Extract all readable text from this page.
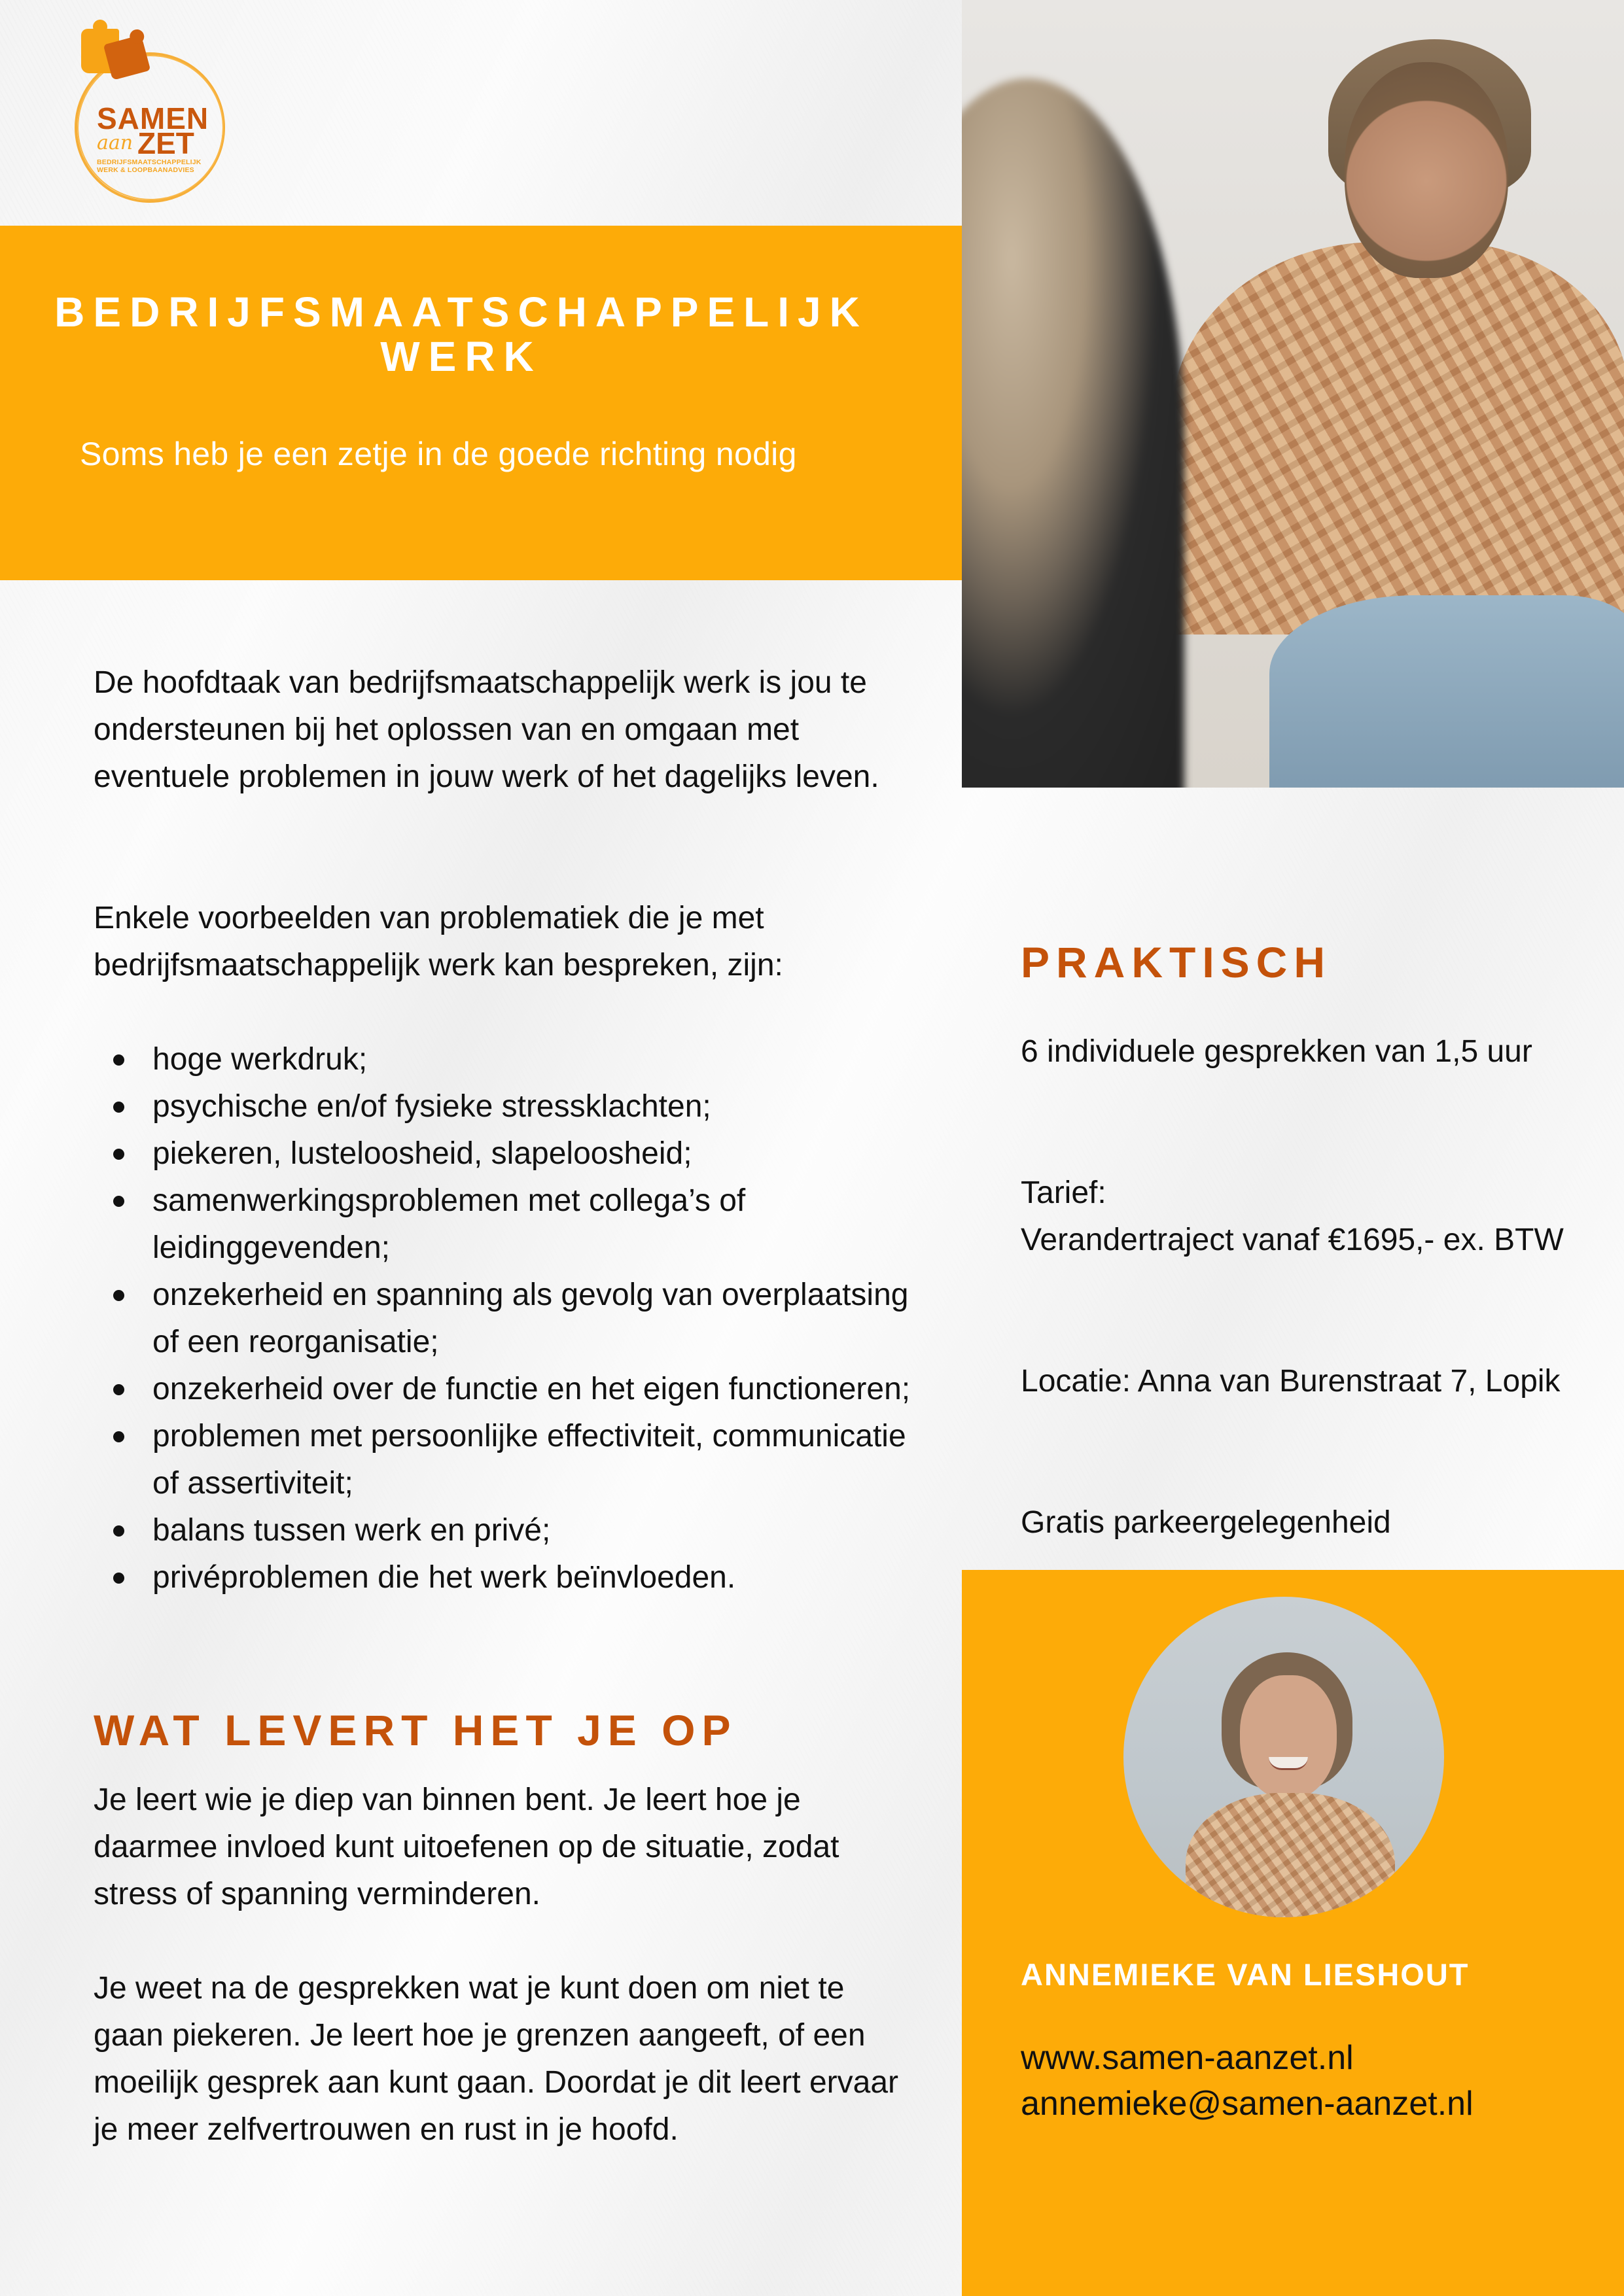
SAMEN
aan ZET
BEDRIJFSMAATSCHAPPELIJK
WERK & LOOPBAANADVIES
BEDRIJFSMAATSCHAPPELIJK
WERK
Soms heb je een zetje in de goede richting nodig

De hoofdtaak van bedrijfsmaatschappelijk werk is jou te ondersteunen bij het oplossen van en omgaan met eventuele problemen in jouw werk of het dagelijks leven.

Enkele voorbeelden van problematiek die je met bedrijfsmaatschappelijk werk kan bespreken, zijn:

hoge werkdruk;
psychische en/of fysieke stressklachten;
piekeren, lusteloosheid, slapeloosheid;
samenwerkingsproblemen met collega’s of leidinggevenden;
onzekerheid en spanning als gevolg van overplaatsing of een reorganisatie;
onzekerheid over de functie en het eigen functioneren;
problemen met persoonlijke effectiviteit, communicatie of assertiviteit;
balans tussen werk en privé;
privéproblemen die het werk beïnvloeden.
WAT LEVERT HET JE OP

Je leert wie je diep van binnen bent. Je leert hoe je daarmee invloed kunt uitoefenen op de situatie, zodat stress of spanning verminderen.

Je weet na de gesprekken wat je kunt doen om niet te gaan piekeren. Je leert hoe je grenzen aangeeft, of een moeilijk gesprek aan kunt gaan. Doordat je dit leert ervaar je meer zelfvertrouwen en rust in je hoofd.

PRAKTISCH

6 individuele gesprekken van 1,5 uur

Tarief:
Verandertraject vanaf €1695,- ex. BTW

Locatie: Anna van Burenstraat 7, Lopik

Gratis parkeergelegenheid

ANNEMIEKE VAN LIESHOUT
www.samen-aanzet.nl
annemieke@samen-aanzet.nl
